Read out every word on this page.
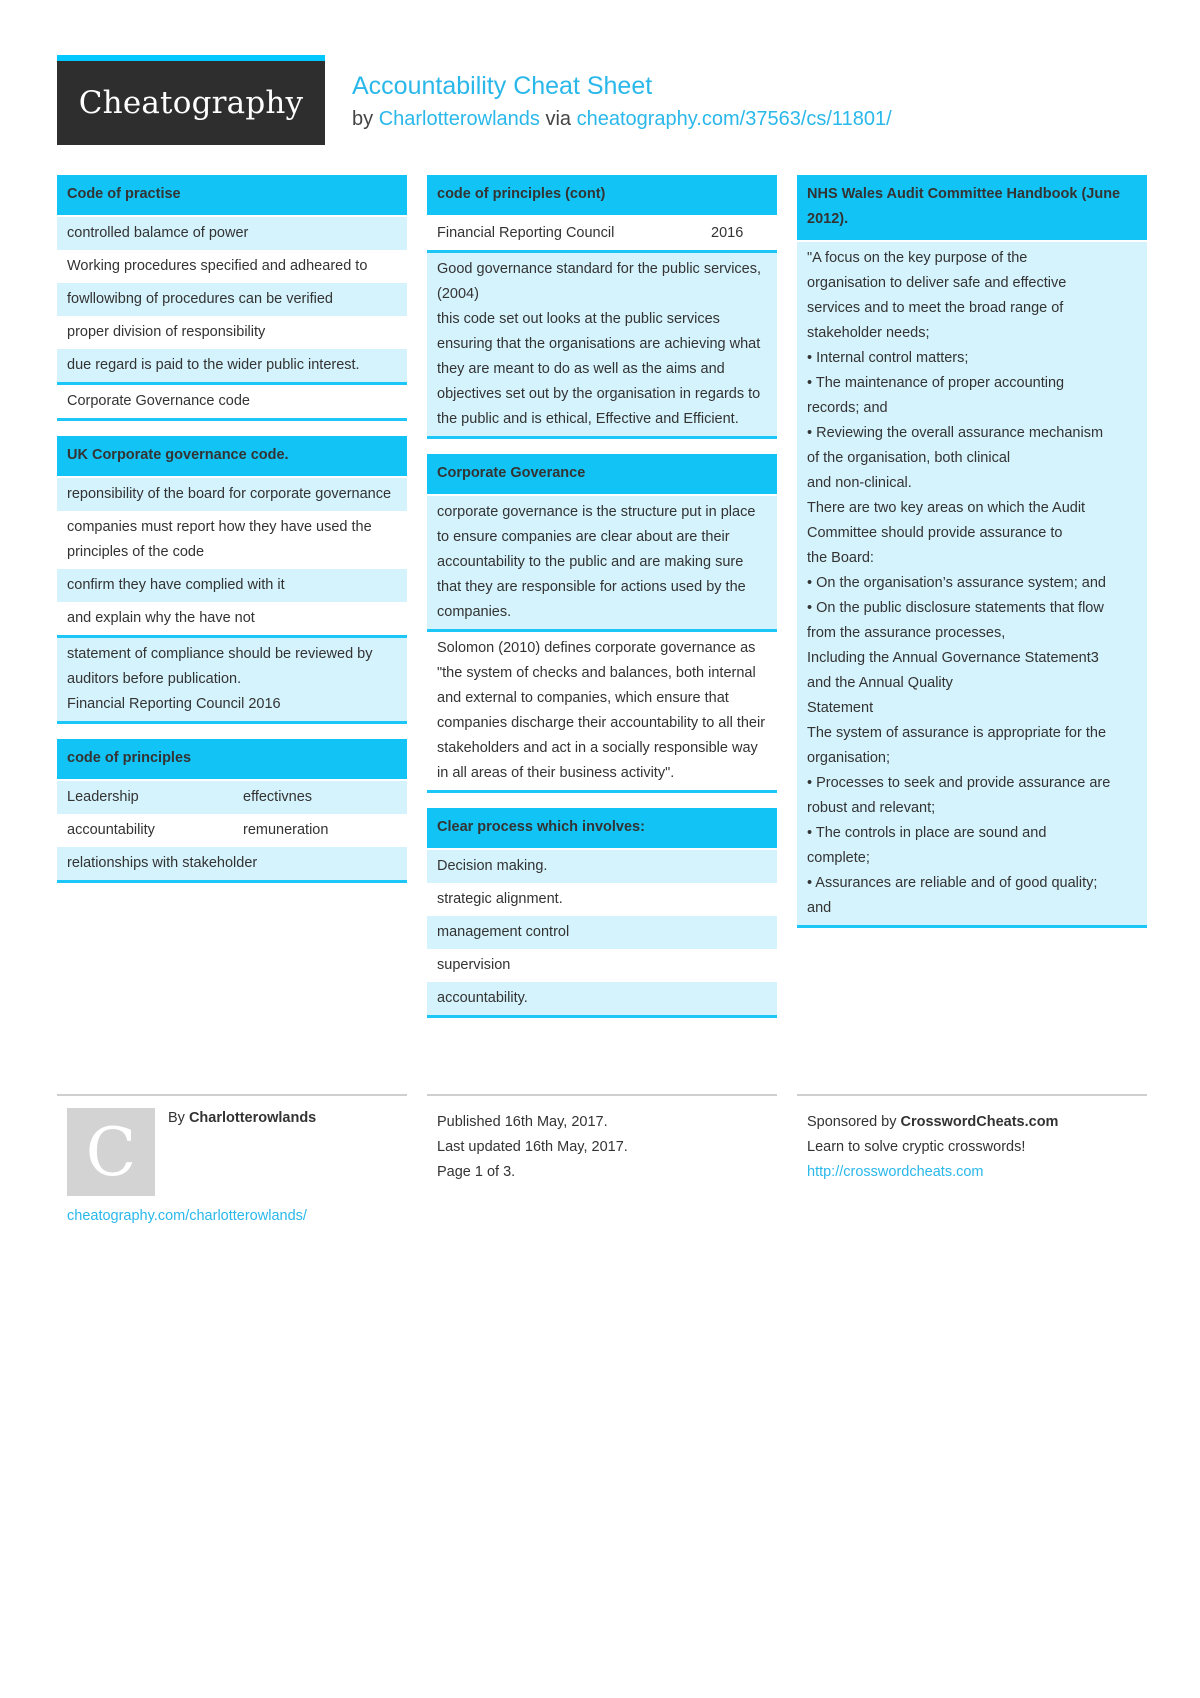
Cheatography	Accountability Cheat Sheet
by Charlotterowlands via cheatography.com/37563/cs/11801/
Code of practise
controlled balamce of power
Working procedures specified and adheared to
fowllowibng of procedures can be verified
proper division of responsibility
due regard is paid to the wider public interest.
Corporate Governance code
UK Corporate governance code.
reponsibility of the board for corporate governance
companies must report how they have used the principles of the code
confirm they have complied with it
and explain why the have not
statement of compliance should be reviewed by auditors before publication.
Financial Reporting Council 2016
code of principles
Leadership	effectivnes
accountability	remuneration
relationships with stakeholder
code of principles (cont)
Financial Reporting Council	2016
Good governance standard for the public services, (2004)
this code set out looks at the public services ensuring that the organisations are achieving what they are meant to do as well as the aims and objectives set out by the organisation in regards to the public and is ethical, Effective and Efficient.
Corporate Goverance
corporate governance is the structure put in place to ensure companies are clear about are their accountability to the public and are making sure that they are responsible for actions used by the companies.
Solomon (2010) defines corporate governance as "the system of checks and balances, both internal and external to companies, which ensure that companies discharge their accountability to all their stakeholders and act in a socially responsible way in all areas of their business activity".
Clear process which involves:
Decision making.
strategic alignment.
management control
supervision
accountability.
NHS Wales Audit Committee Handbook (June 2012).
"A focus on the key purpose of the
organisation to deliver safe and effective
services and to meet the broad range of
stakeholder needs;
• Internal control matters;
• The maintenance of proper accounting
records; and
• Reviewing the overall assurance mechanism
of the organisation, both clinical
and non-clinical.
There are two key areas on which the Audit
Committee should provide assurance to
the Board:
• On the organisation’s assurance system; and
• On the public disclosure statements that flow
from the assurance processes,
Including the Annual Governance Statement3
and the Annual Quality
Statement
The system of assurance is appropriate for the
organisation;
• Processes to seek and provide assurance are
robust and relevant;
• The controls in place are sound and
complete;
• Assurances are reliable and of good quality;
and
C	By Charlotterowlands
cheatography.com/charlotterowlands/
Published 16th May, 2017.
Last updated 16th May, 2017.
Page 1 of 3.
Sponsored by CrosswordCheats.com
Learn to solve cryptic crosswords!
http://crosswordcheats.com
